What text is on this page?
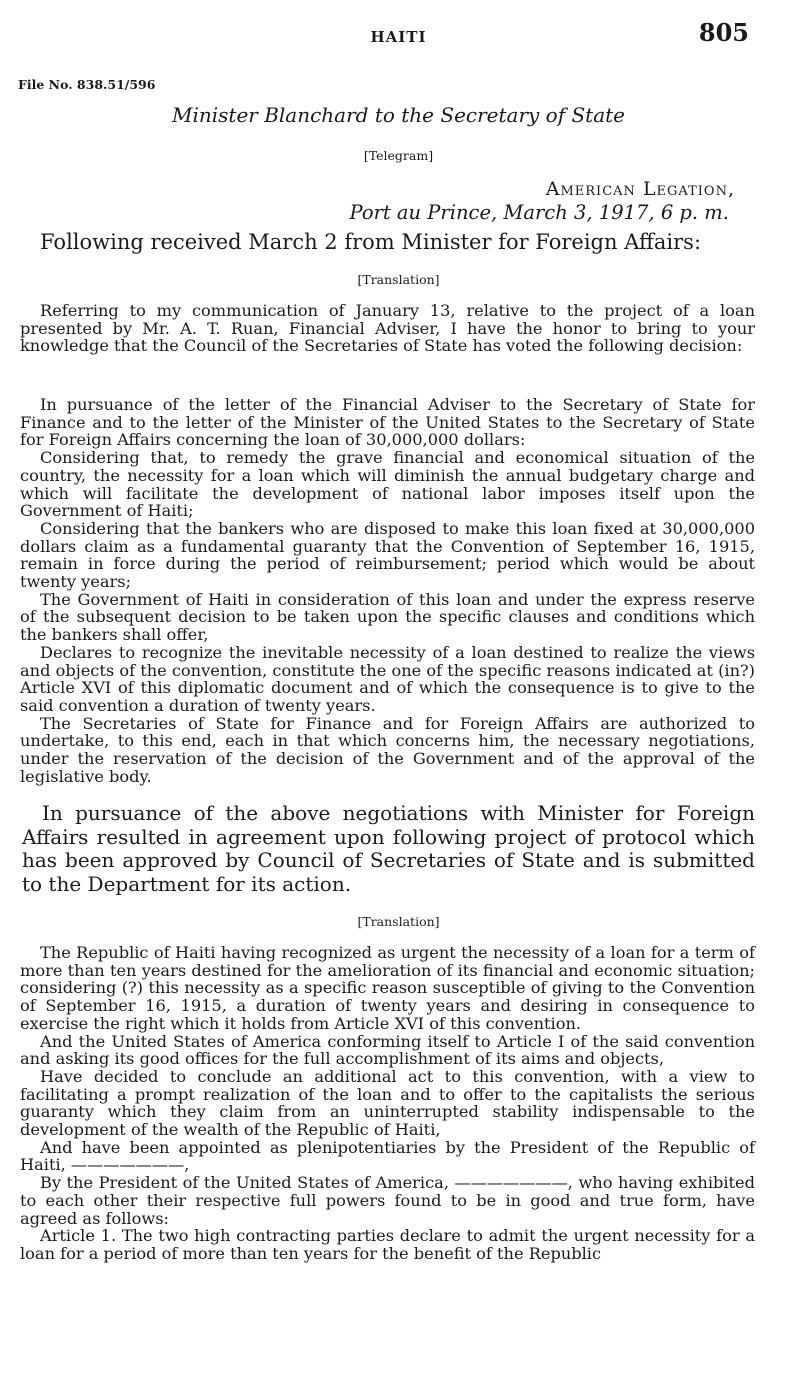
HAITI	805
File No. 838.51/596
Minister Blanchard to the Secretary of State
[Telegram]
American Legation,
Port au Prince, March 3, 1917, 6 p. m.
Following received March 2 from Minister for Foreign Affairs:
[Translation]

Referring to my communication of January 13, relative to the project of a loan presented by Mr. A. T. Ruan, Financial Adviser, I have the honor to bring to your knowledge that the Council of the Secretaries of State has voted the following decision:

In pursuance of the letter of the Financial Adviser to the Secretary of State for Finance and to the letter of the Minister of the United States to the Secretary of State for Foreign Affairs concerning the loan of 30,000,000 dollars:

Considering that, to remedy the grave financial and economical situation of the country, the necessity for a loan which will diminish the annual budgetary charge and which will facilitate the development of national labor imposes itself upon the Government of Haiti;

Considering that the bankers who are disposed to make this loan fixed at 30,000,000 dollars claim as a fundamental guaranty that the Convention of September 16, 1915, remain in force during the period of reimbursement; period which would be about twenty years;

The Government of Haiti in consideration of this loan and under the express reserve of the subsequent decision to be taken upon the specific clauses and conditions which the bankers shall offer,

Declares to recognize the inevitable necessity of a loan destined to realize the views and objects of the convention, constitute the one of the specific reasons indicated at (in?) Article XVI of this diplomatic document and of which the consequence is to give to the said convention a duration of twenty years.

The Secretaries of State for Finance and for Foreign Affairs are authorized to undertake, to this end, each in that which concerns him, the necessary negotiations, under the reservation of the decision of the Government and of the approval of the legislative body.

In pursuance of the above negotiations with Minister for Foreign Affairs resulted in agreement upon following project of protocol which has been approved by Council of Secretaries of State and is submitted to the Department for its action.

[Translation]

The Republic of Haiti having recognized as urgent the necessity of a loan for a term of more than ten years destined for the amelioration of its financial and economic situation; considering (?) this necessity as a specific reason susceptible of giving to the Convention of September 16, 1915, a duration of twenty years and desiring in consequence to exercise the right which it holds from Article XVI of this convention.

And the United States of America conforming itself to Article I of the said convention and asking its good offices for the full accomplishment of its aims and objects,

Have decided to conclude an additional act to this convention, with a view to facilitating a prompt realization of the loan and to offer to the capitalists the serious guaranty which they claim from an uninterrupted stability indispensable to the development of the wealth of the Republic of Haiti,

And have been appointed as plenipotentiaries by the President of the Republic of Haiti, ———————,

By the President of the United States of America, ———————, who having exhibited to each other their respective full powers found to be in good and true form, have agreed as follows:

Article 1. The two high contracting parties declare to admit the urgent necessity for a loan for a period of more than ten years for the benefit of the Republic
